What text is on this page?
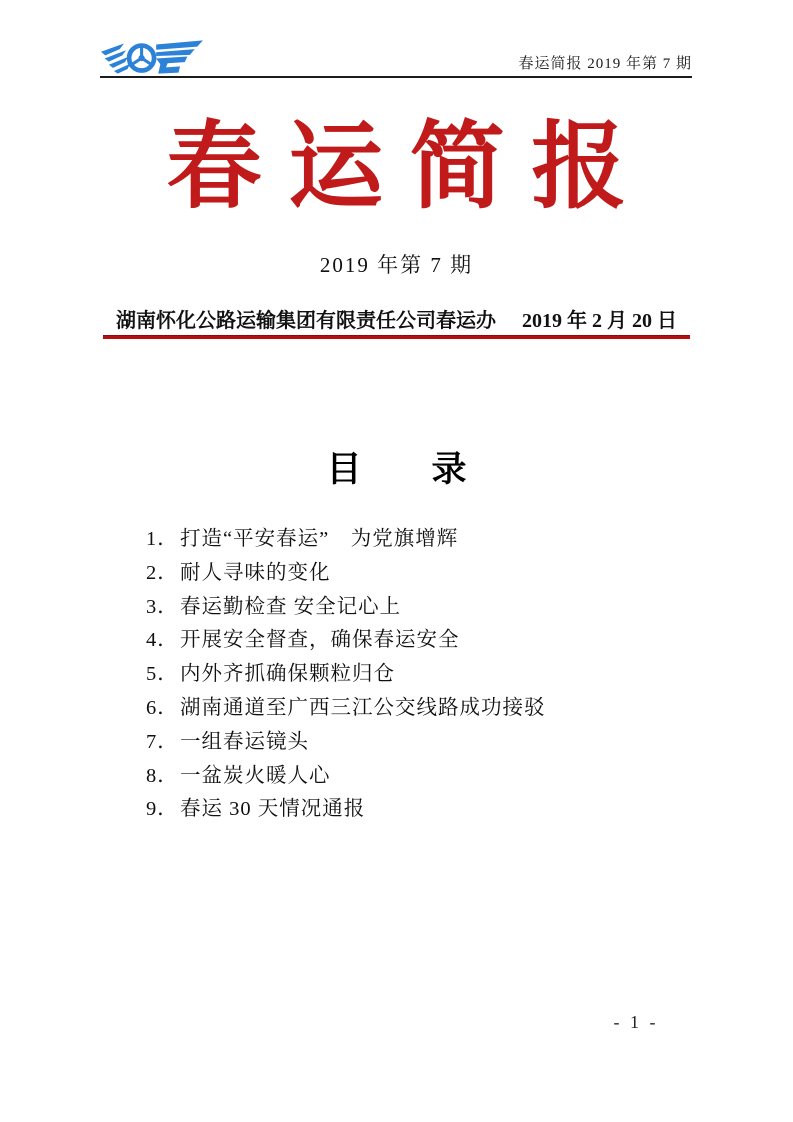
春运简报 2019 年第 7 期
春运简报
2019 年第 7 期
湖南怀化公路运输集团有限责任公司春运办 2019 年 2 月 20 日
目　　录
1．打造“平安春运”　为党旗增辉
2．耐人寻味的变化
3．春运勤检查 安全记心上
4．开展安全督查，确保春运安全
5．内外齐抓确保颗粒归仓
6．湖南通道至广西三江公交线路成功接驳
7．一组春运镜头
8．一盆炭火暖人心
9．春运 30 天情况通报
- 1 -
